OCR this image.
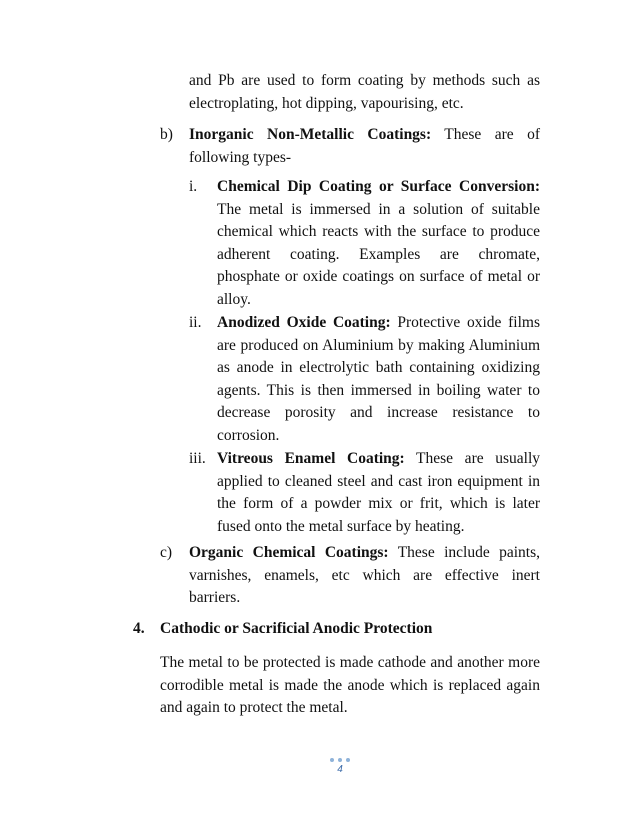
and Pb are used to form coating by methods such as electroplating, hot dipping, vapourising, etc.

b) Inorganic Non-Metallic Coatings: These are of following types-

i. Chemical Dip Coating or Surface Conversion: The metal is immersed in a solution of suitable chemical which reacts with the surface to produce adherent coating. Examples are chromate, phosphate or oxide coatings on surface of metal or alloy.

ii. Anodized Oxide Coating: Protective oxide films are produced on Aluminium by making Aluminium as anode in electrolytic bath containing oxidizing agents. This is then immersed in boiling water to decrease porosity and increase resistance to corrosion.

iii. Vitreous Enamel Coating: These are usually applied to cleaned steel and cast iron equipment in the form of a powder mix or frit, which is later fused onto the metal surface by heating.

c) Organic Chemical Coatings: These include paints, varnishes, enamels, etc which are effective inert barriers.

4. Cathodic or Sacrificial Anodic Protection

The metal to be protected is made cathode and another more corrodible metal is made the anode which is replaced again and again to protect the metal.

4
